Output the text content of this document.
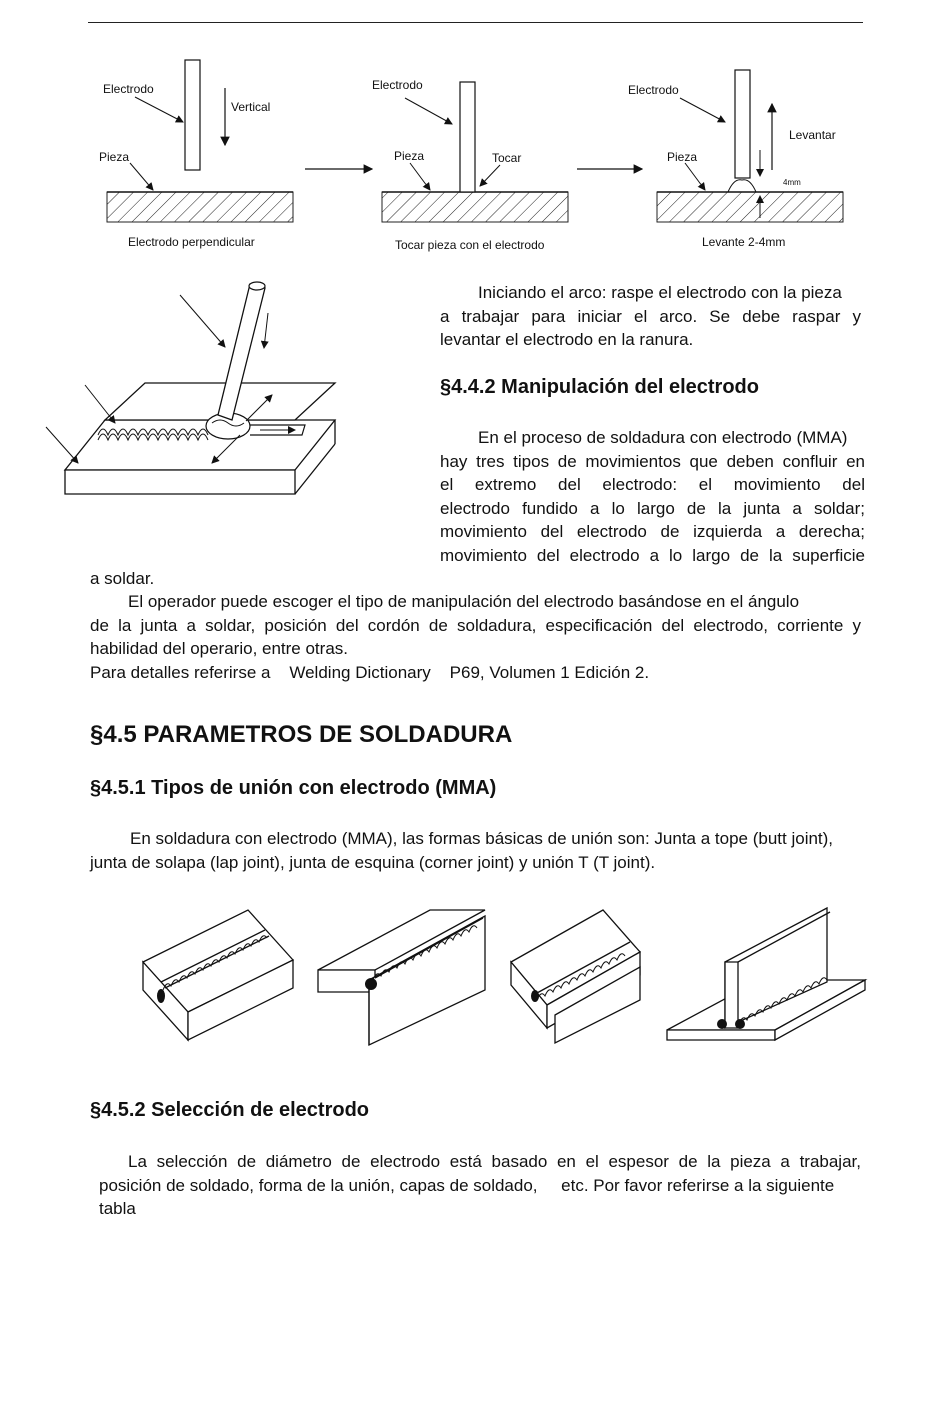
Electrodo
Vertical
Pieza
Electrodo perpendicular
Electrodo
Pieza	Tocar
Tocar pieza con el electrodo
Electrodo
Pieza
Levantar
4mm
Levante 2-4mm
Iniciando el arco: raspe el electrodo con la pieza
a trabajar para iniciar el arco. Se debe raspar y
levantar el electrodo en la ranura.
§4.4.2 Manipulación del electrodo
En el proceso de soldadura con electrodo (MMA)
hay tres tipos de movimientos que deben confluir en
el extremo del electrodo: el movimiento del
electrodo fundido a lo largo de la junta a soldar;
movimiento del electrodo de izquierda a derecha;
movimiento del electrodo a lo largo de la superficie
a soldar.
El operador puede escoger el tipo de manipulación del electrodo basándose en el ángulo
de la junta a soldar, posición del cordón de soldadura, especificación del electrodo, corriente y
habilidad del operario, entre otras.
Para detalles referirse a    Welding Dictionary    P69, Volumen 1 Edición 2.
§4.5 PARAMETROS DE SOLDADURA
§4.5.1 Tipos de unión con electrodo (MMA)
En soldadura con electrodo (MMA), las formas básicas de unión son: Junta a tope (butt joint),
junta de solapa (lap joint), junta de esquina (corner joint) y unión T (T joint).
§4.5.2 Selección de electrodo
La selección de diámetro de electrodo está basado en el espesor de la pieza a trabajar,
posición de soldado, forma de la unión, capas de soldado,     etc. Por favor referirse a la siguiente
tabla
